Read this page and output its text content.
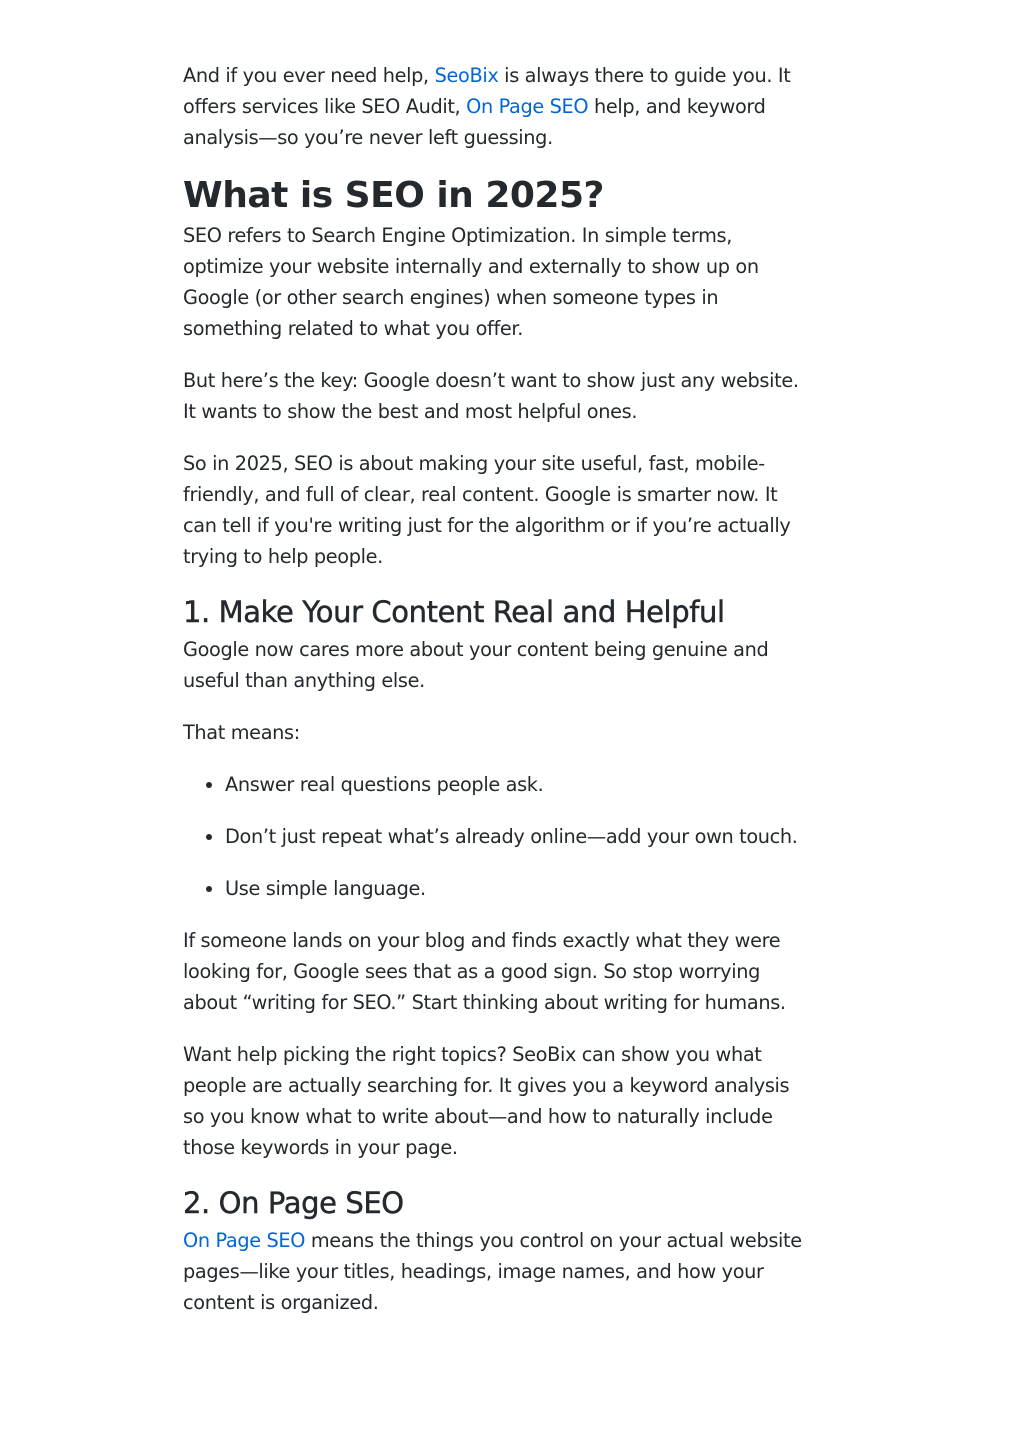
And if you ever need help, SeoBix is always there to guide you. It offers services like SEO Audit, On Page SEO help, and keyword analysis—so you’re never left guessing.

What is SEO in 2025?

SEO refers to Search Engine Optimization. In simple terms, optimize your website internally and externally to show up on Google (or other search engines) when someone types in something related to what you offer.

But here’s the key: Google doesn’t want to show just any website. It wants to show the best and most helpful ones.

So in 2025, SEO is about making your site useful, fast, mobile-friendly, and full of clear, real content. Google is smarter now. It can tell if you're writing just for the algorithm or if you’re actually trying to help people.

1. Make Your Content Real and Helpful

Google now cares more about your content being genuine and useful than anything else.

That means:

• Answer real questions people ask.
• Don’t just repeat what’s already online—add your own touch.
• Use simple language.

If someone lands on your blog and finds exactly what they were looking for, Google sees that as a good sign. So stop worrying about “writing for SEO.” Start thinking about writing for humans.

Want help picking the right topics? SeoBix can show you what people are actually searching for. It gives you a keyword analysis so you know what to write about—and how to naturally include those keywords in your page.

2. On Page SEO

On Page SEO means the things you control on your actual website pages—like your titles, headings, image names, and how your content is organized.
